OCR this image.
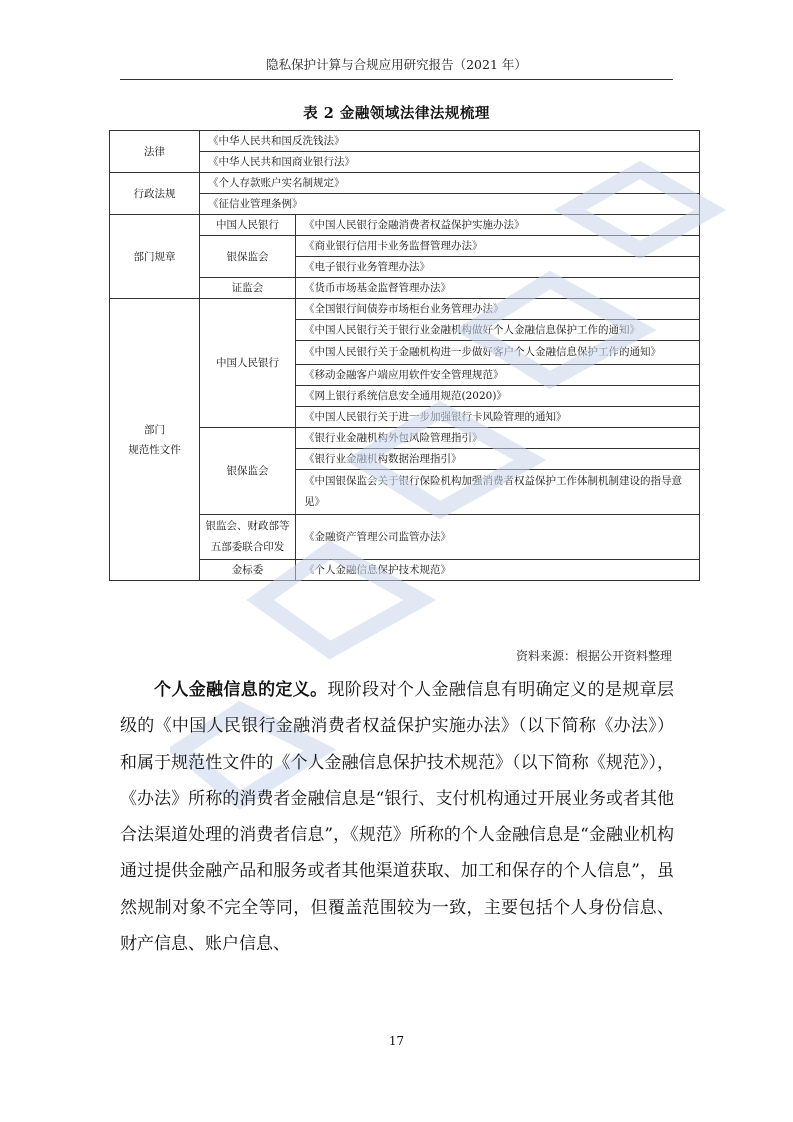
隐私保护计算与合规应用研究报告（2021 年）
表 2 金融领域法律法规梳理
法律	《中华人民共和国反洗钱法》	
	《中华人民共和国商业银行法》	
行政法规	《个人存款账户实名制规定》	
	《征信业管理条例》	
部门规章	中国人民银行	《中国人民银行金融消费者权益保护实施办法》
	银保监会	《商业银行信用卡业务监督管理办法》
		《电子银行业务管理办法》
	证监会	《货币市场基金监督管理办法》
部门
规范性文件	中国人民银行	《全国银行间债券市场柜台业务管理办法》
		《中国人民银行关于银行业金融机构做好个人金融信息保护工作的通知》
		《中国人民银行关于金融机构进一步做好客户个人金融信息保护工作的通知》
		《移动金融客户端应用软件安全管理规范》
		《网上银行系统信息安全通用规范(2020)》
		《中国人民银行关于进一步加强银行卡风险管理的通知》
	银保监会	《银行业金融机构外包风险管理指引》
		《银行业金融机构数据治理指引》
		《中国银保监会关于银行保险机构加强消费者权益保护工作体制机制建设的指导意见》
	银监会、财政部等五部委联合印发	《金融资产管理公司监管办法》
	金标委	《个人金融信息保护技术规范》
资料来源：根据公开资料整理

个人金融信息的定义。现阶段对个人金融信息有明确定义的是规章层级的《中国人民银行金融消费者权益保护实施办法》（以下简称《办法》）和属于规范性文件的《个人金融信息保护技术规范》（以下简称《规范》），《办法》所称的消费者金融信息是“银行、支付机构通过开展业务或者其他合法渠道处理的消费者信息”，《规范》所称的个人金融信息是“金融业机构通过提供金融产品和服务或者其他渠道获取、加工和保存的个人信息”，虽然规制对象不完全等同，但覆盖范围较为一致，主要包括个人身份信息、财产信息、账户信息、

17
